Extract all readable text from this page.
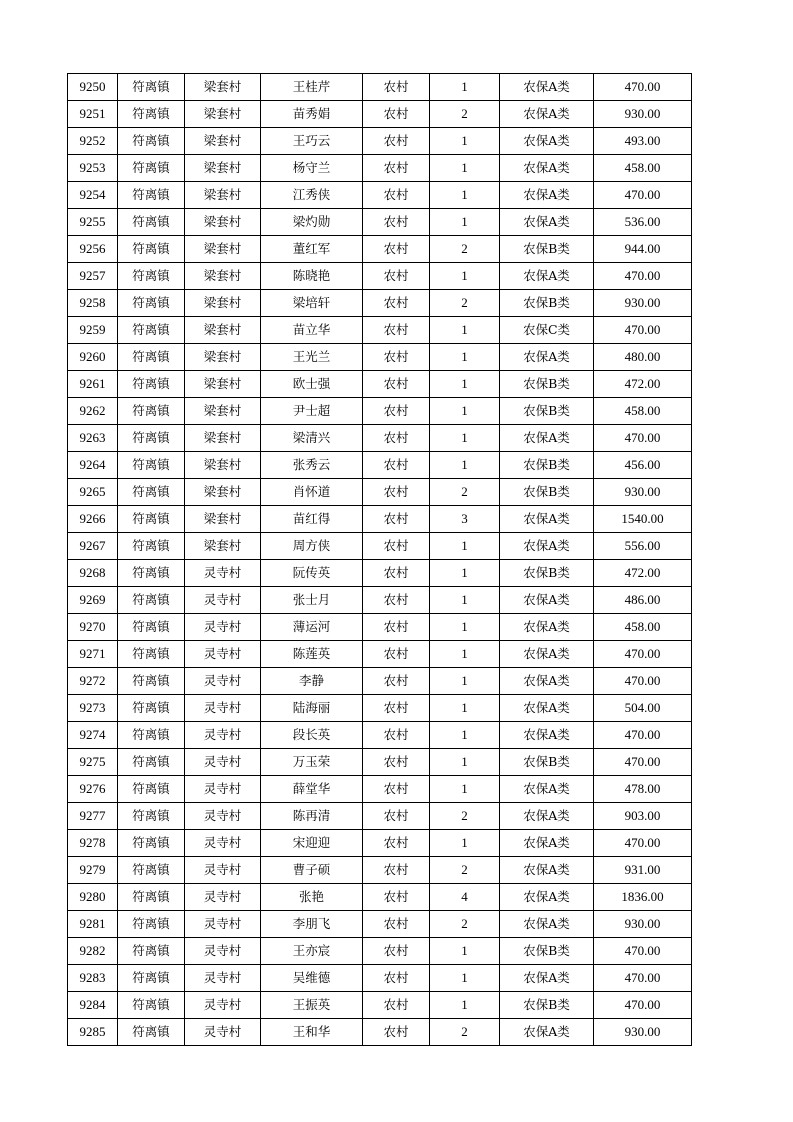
9250	符离镇	梁套村	王桂芹	农村	1	农保A类	470.00
9251	符离镇	梁套村	苗秀娟	农村	2	农保A类	930.00
9252	符离镇	梁套村	王巧云	农村	1	农保A类	493.00
9253	符离镇	梁套村	杨守兰	农村	1	农保A类	458.00
9254	符离镇	梁套村	江秀侠	农村	1	农保A类	470.00
9255	符离镇	梁套村	梁灼勋	农村	1	农保A类	536.00
9256	符离镇	梁套村	董红军	农村	2	农保B类	944.00
9257	符离镇	梁套村	陈晓艳	农村	1	农保A类	470.00
9258	符离镇	梁套村	梁培轩	农村	2	农保B类	930.00
9259	符离镇	梁套村	苗立华	农村	1	农保C类	470.00
9260	符离镇	梁套村	王光兰	农村	1	农保A类	480.00
9261	符离镇	梁套村	欧士强	农村	1	农保B类	472.00
9262	符离镇	梁套村	尹士超	农村	1	农保B类	458.00
9263	符离镇	梁套村	梁清兴	农村	1	农保A类	470.00
9264	符离镇	梁套村	张秀云	农村	1	农保B类	456.00
9265	符离镇	梁套村	肖怀道	农村	2	农保B类	930.00
9266	符离镇	梁套村	苗红得	农村	3	农保A类	1540.00
9267	符离镇	梁套村	周方侠	农村	1	农保A类	556.00
9268	符离镇	灵寺村	阮传英	农村	1	农保B类	472.00
9269	符离镇	灵寺村	张士月	农村	1	农保A类	486.00
9270	符离镇	灵寺村	薄运河	农村	1	农保A类	458.00
9271	符离镇	灵寺村	陈莲英	农村	1	农保A类	470.00
9272	符离镇	灵寺村	李静	农村	1	农保A类	470.00
9273	符离镇	灵寺村	陆海丽	农村	1	农保A类	504.00
9274	符离镇	灵寺村	段长英	农村	1	农保A类	470.00
9275	符离镇	灵寺村	万玉荣	农村	1	农保B类	470.00
9276	符离镇	灵寺村	薛堂华	农村	1	农保A类	478.00
9277	符离镇	灵寺村	陈再清	农村	2	农保A类	903.00
9278	符离镇	灵寺村	宋迎迎	农村	1	农保A类	470.00
9279	符离镇	灵寺村	曹子硕	农村	2	农保A类	931.00
9280	符离镇	灵寺村	张艳	农村	4	农保A类	1836.00
9281	符离镇	灵寺村	李朋飞	农村	2	农保A类	930.00
9282	符离镇	灵寺村	王亦宸	农村	1	农保B类	470.00
9283	符离镇	灵寺村	吴维德	农村	1	农保A类	470.00
9284	符离镇	灵寺村	王振英	农村	1	农保B类	470.00
9285	符离镇	灵寺村	王和华	农村	2	农保A类	930.00
